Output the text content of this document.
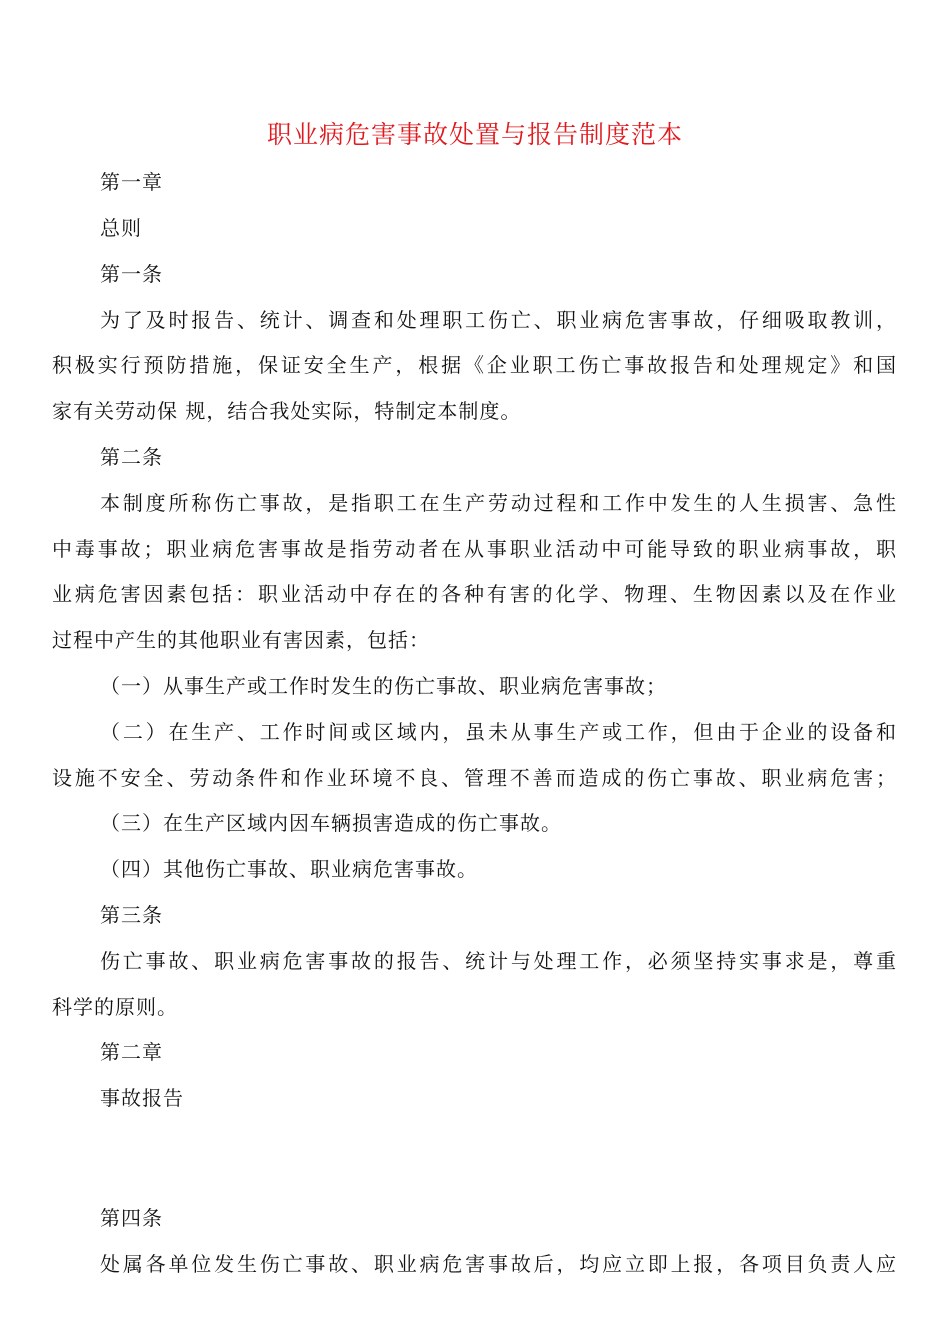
职业病危害事故处置与报告制度范本
第一章
总则
第一条
为了及时报告、统计、调查和处理职工伤亡、职业病危害事故，仔细吸取教训，
积极实行预防措施，保证安全生产，根据《企业职工伤亡事故报告和处理规定》和国
家有关劳动保 规，结合我处实际，特制定本制度。
第二条
本制度所称伤亡事故，是指职工在生产劳动过程和工作中发生的人生损害、急性
中毒事故；职业病危害事故是指劳动者在从事职业活动中可能导致的职业病事故，职
业病危害因素包括：职业活动中存在的各种有害的化学、物理、生物因素以及在作业
过程中产生的其他职业有害因素，包括：
（一）从事生产或工作时发生的伤亡事故、职业病危害事故；
（二）在生产、工作时间或区域内，虽未从事生产或工作，但由于企业的设备和
设施不安全、劳动条件和作业环境不良、管理不善而造成的伤亡事故、职业病危害；
（三）在生产区域内因车辆损害造成的伤亡事故。
（四）其他伤亡事故、职业病危害事故。
第三条
伤亡事故、职业病危害事故的报告、统计与处理工作，必须坚持实事求是，尊重
科学的原则。
第二章
事故报告
第四条
处属各单位发生伤亡事故、职业病危害事故后，均应立即上报，各项目负责人应
